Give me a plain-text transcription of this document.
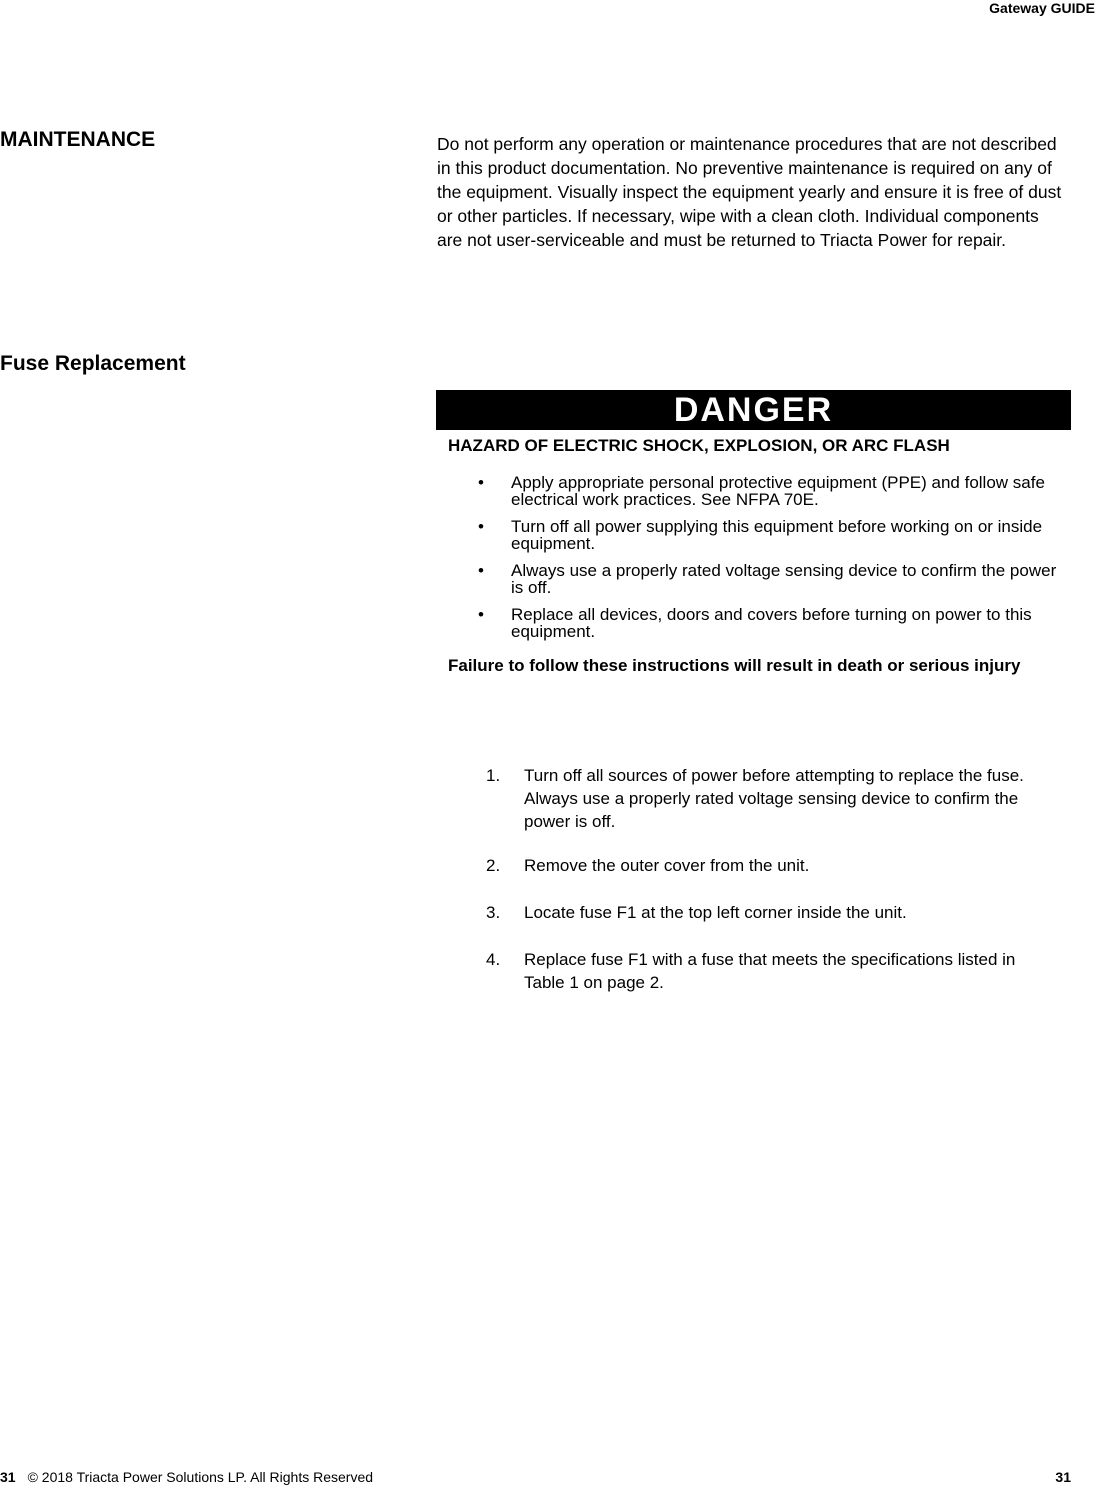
Gateway GUIDE
MAINTENANCE	Do not perform any operation or maintenance procedures that are not described in this product documentation. No preventive maintenance is required on any of the equipment. Visually inspect the equipment yearly and ensure it is free of dust or other particles. If necessary, wipe with a clean cloth. Individual components are not user-serviceable and must be returned to Triacta Power for repair.
Fuse Replacement
DANGER
HAZARD OF ELECTRIC SHOCK, EXPLOSION, OR ARC FLASH
• Apply appropriate personal protective equipment (PPE) and follow safe electrical work practices. See NFPA 70E.
• Turn off all power supplying this equipment before working on or inside equipment.
• Always use a properly rated voltage sensing device to confirm the power is off.
• Replace all devices, doors and covers before turning on power to this equipment.
Failure to follow these instructions will result in death or serious injury
1. Turn off all sources of power before attempting to replace the fuse. Always use a properly rated voltage sensing device to confirm the power is off.
2. Remove the outer cover from the unit.
3. Locate fuse F1 at the top left corner inside the unit.
4. Replace fuse F1 with a fuse that meets the specifications listed in Table 1 on page 2.
31 © 2018 Triacta Power Solutions LP. All Rights Reserved	31
